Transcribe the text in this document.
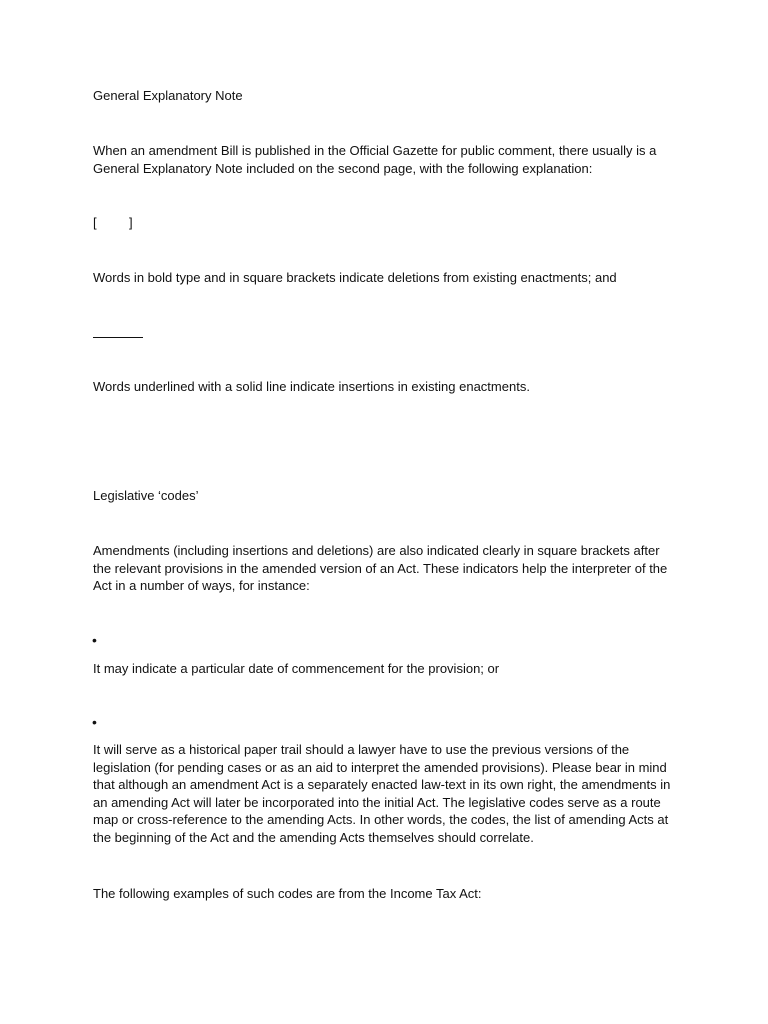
General Explanatory Note

When an amendment Bill is published in the Official Gazette for public comment, there usually is a General Explanatory Note included on the second page, with the following explanation:

[ ]

Words in bold type and in square brackets indicate deletions from existing enactments; and

Words underlined with a solid line indicate insertions in existing enactments.

Legislative ‘codes’

Amendments (including insertions and deletions) are also indicated clearly in square brackets after the relevant provisions in the amended version of an Act. These indicators help the interpreter of the Act in a number of ways, for instance:

•

It may indicate a particular date of commencement for the provision; or

•

It will serve as a historical paper trail should a lawyer have to use the previous versions of the legislation (for pending cases or as an aid to interpret the amended provisions). Please bear in mind that although an amendment Act is a separately enacted law-text in its own right, the amendments in an amending Act will later be incorporated into the initial Act. The legislative codes serve as a route map or cross-reference to the amending Acts. In other words, the codes, the list of amending Acts at the beginning of the Act and the amending Acts themselves should correlate.

The following examples of such codes are from the Income Tax Act:
